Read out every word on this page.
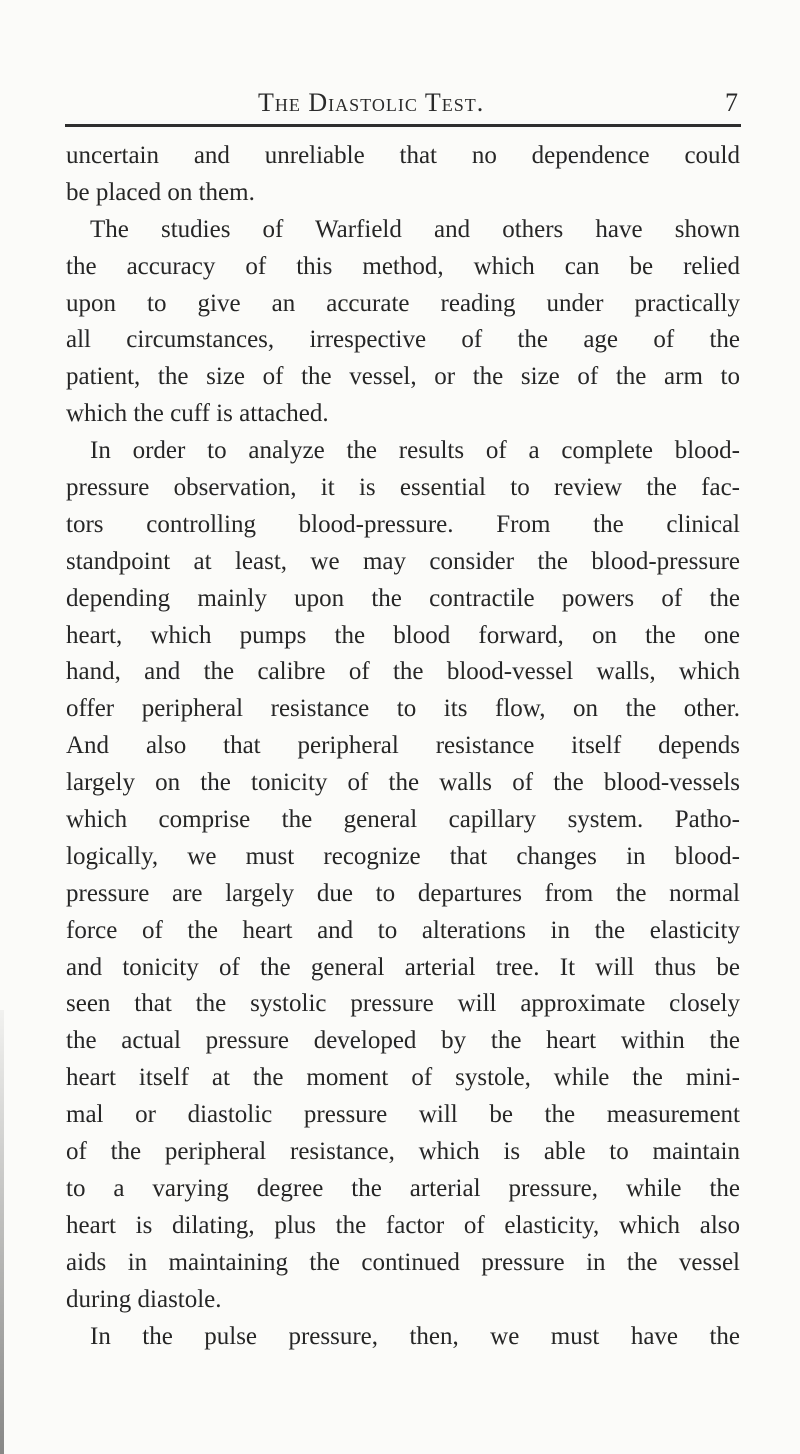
The Diastolic Test.	7
uncertain and unreliable that no dependence could
be placed on them.
The studies of Warfield and others have shown
the accuracy of this method, which can be relied
upon to give an accurate reading under practically
all circumstances, irrespective of the age of the
patient, the size of the vessel, or the size of the arm to
which the cuff is attached.
In order to analyze the results of a complete blood-
pressure observation, it is essential to review the fac-
tors controlling blood-pressure. From the clinical
standpoint at least, we may consider the blood-pressure
depending mainly upon the contractile powers of the
heart, which pumps the blood forward, on the one
hand, and the calibre of the blood-vessel walls, which
offer peripheral resistance to its flow, on the other.
And also that peripheral resistance itself depends
largely on the tonicity of the walls of the blood-vessels
which comprise the general capillary system. Patho-
logically, we must recognize that changes in blood-
pressure are largely due to departures from the normal
force of the heart and to alterations in the elasticity
and tonicity of the general arterial tree. It will thus be
seen that the systolic pressure will approximate closely
the actual pressure developed by the heart within the
heart itself at the moment of systole, while the mini-
mal or diastolic pressure will be the measurement
of the peripheral resistance, which is able to maintain
to a varying degree the arterial pressure, while the
heart is dilating, plus the factor of elasticity, which also
aids in maintaining the continued pressure in the vessel
during diastole.
In the pulse pressure, then, we must have the
